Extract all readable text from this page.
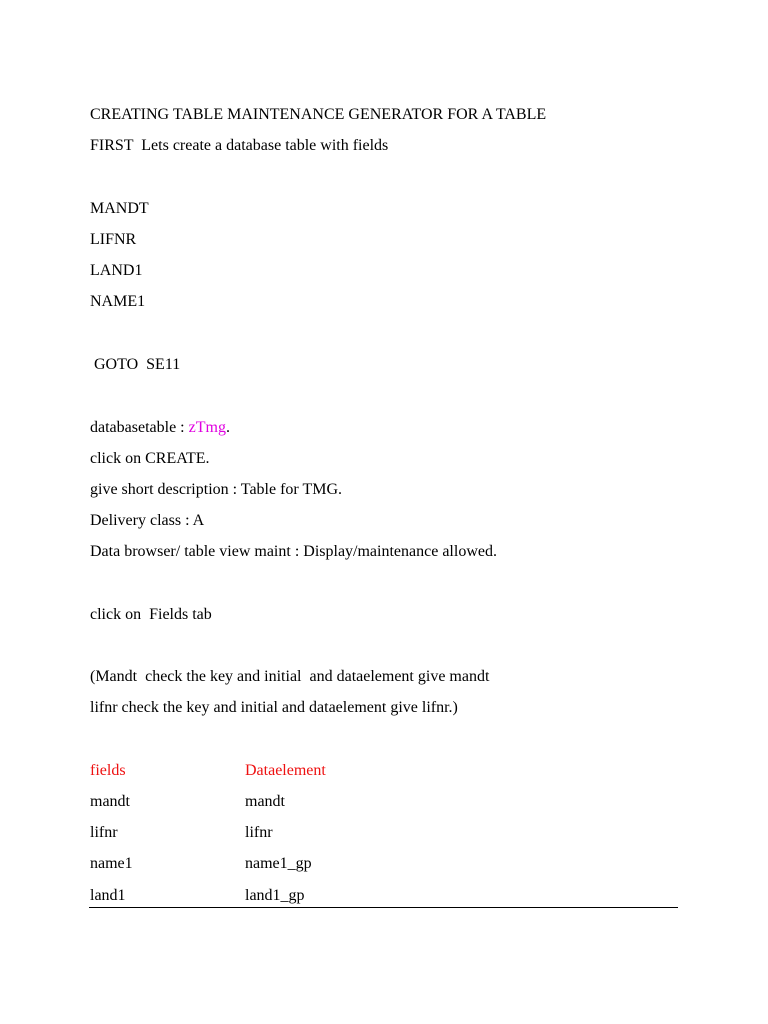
CREATING TABLE MAINTENANCE GENERATOR FOR A TABLE
FIRST  Lets create a database table with fields
MANDT
LIFNR
LAND1
NAME1
GOTO  SE11
databasetable : zTmg.
click on CREATE.
give short description : Table for TMG.
Delivery class : A
Data browser/ table view maint : Display/maintenance allowed.
click on  Fields tab
(Mandt  check the key and initial  and dataelement give mandt
lifnr check the key and initial and dataelement give lifnr.)
fields	Dataelement
mandt	mandt
lifnr	lifnr
name1	name1_gp
land1	land1_gp
